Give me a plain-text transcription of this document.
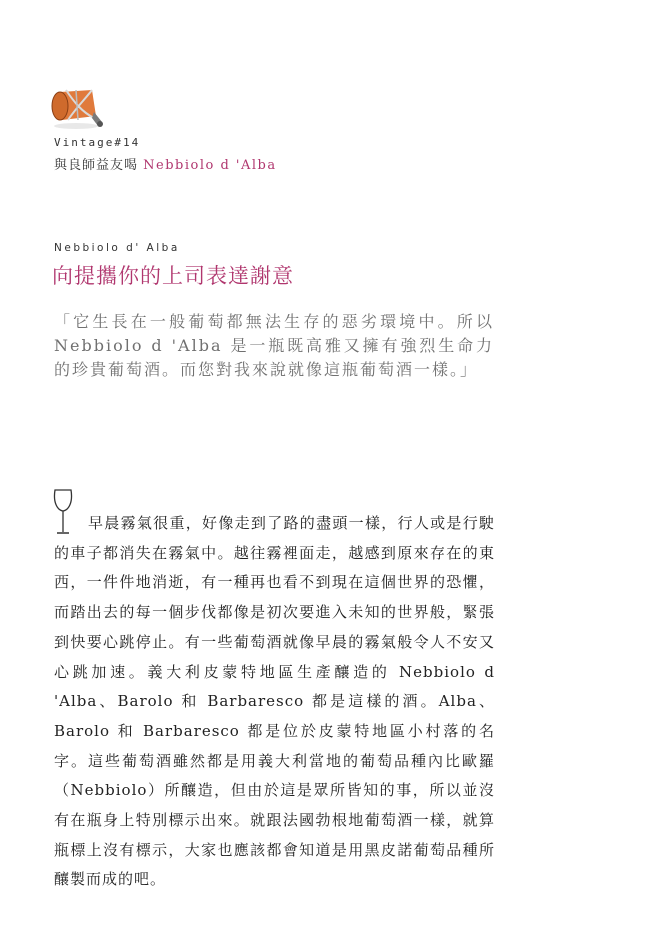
Vintage#14
與良師益友喝 Nebbiolo d 'Alba
Nebbiolo d' Alba
向提攜你的上司表達謝意

「它生長在一般葡萄都無法生存的惡劣環境中。所以Nebbiolo d 'Alba 是一瓶既高雅又擁有強烈生命力的珍貴葡萄酒。而您對我來說就像這瓶葡萄酒一樣。」

早晨霧氣很重，好像走到了路的盡頭一樣，行人或是行駛的車子都消失在霧氣中。越往霧裡面走，越感到原來存在的東西，一件件地消逝，有一種再也看不到現在這個世界的恐懼，而踏出去的每一個步伐都像是初次要進入未知的世界般，緊張到快要心跳停止。有一些葡萄酒就像早晨的霧氣般令人不安又心跳加速。義大利皮蒙特地區生產釀造的 Nebbiolo d 'Alba、Barolo 和 Barbaresco 都是這樣的酒。Alba、Barolo 和 Barbaresco 都是位於皮蒙特地區小村落的名字。這些葡萄酒雖然都是用義大利當地的葡萄品種內比歐羅（Nebbiolo）所釀造，但由於這是眾所皆知的事，所以並沒有在瓶身上特別標示出來。就跟法國勃根地葡萄酒一樣，就算瓶標上沒有標示，大家也應該都會知道是用黑皮諾葡萄品種所釀製而成的吧。
